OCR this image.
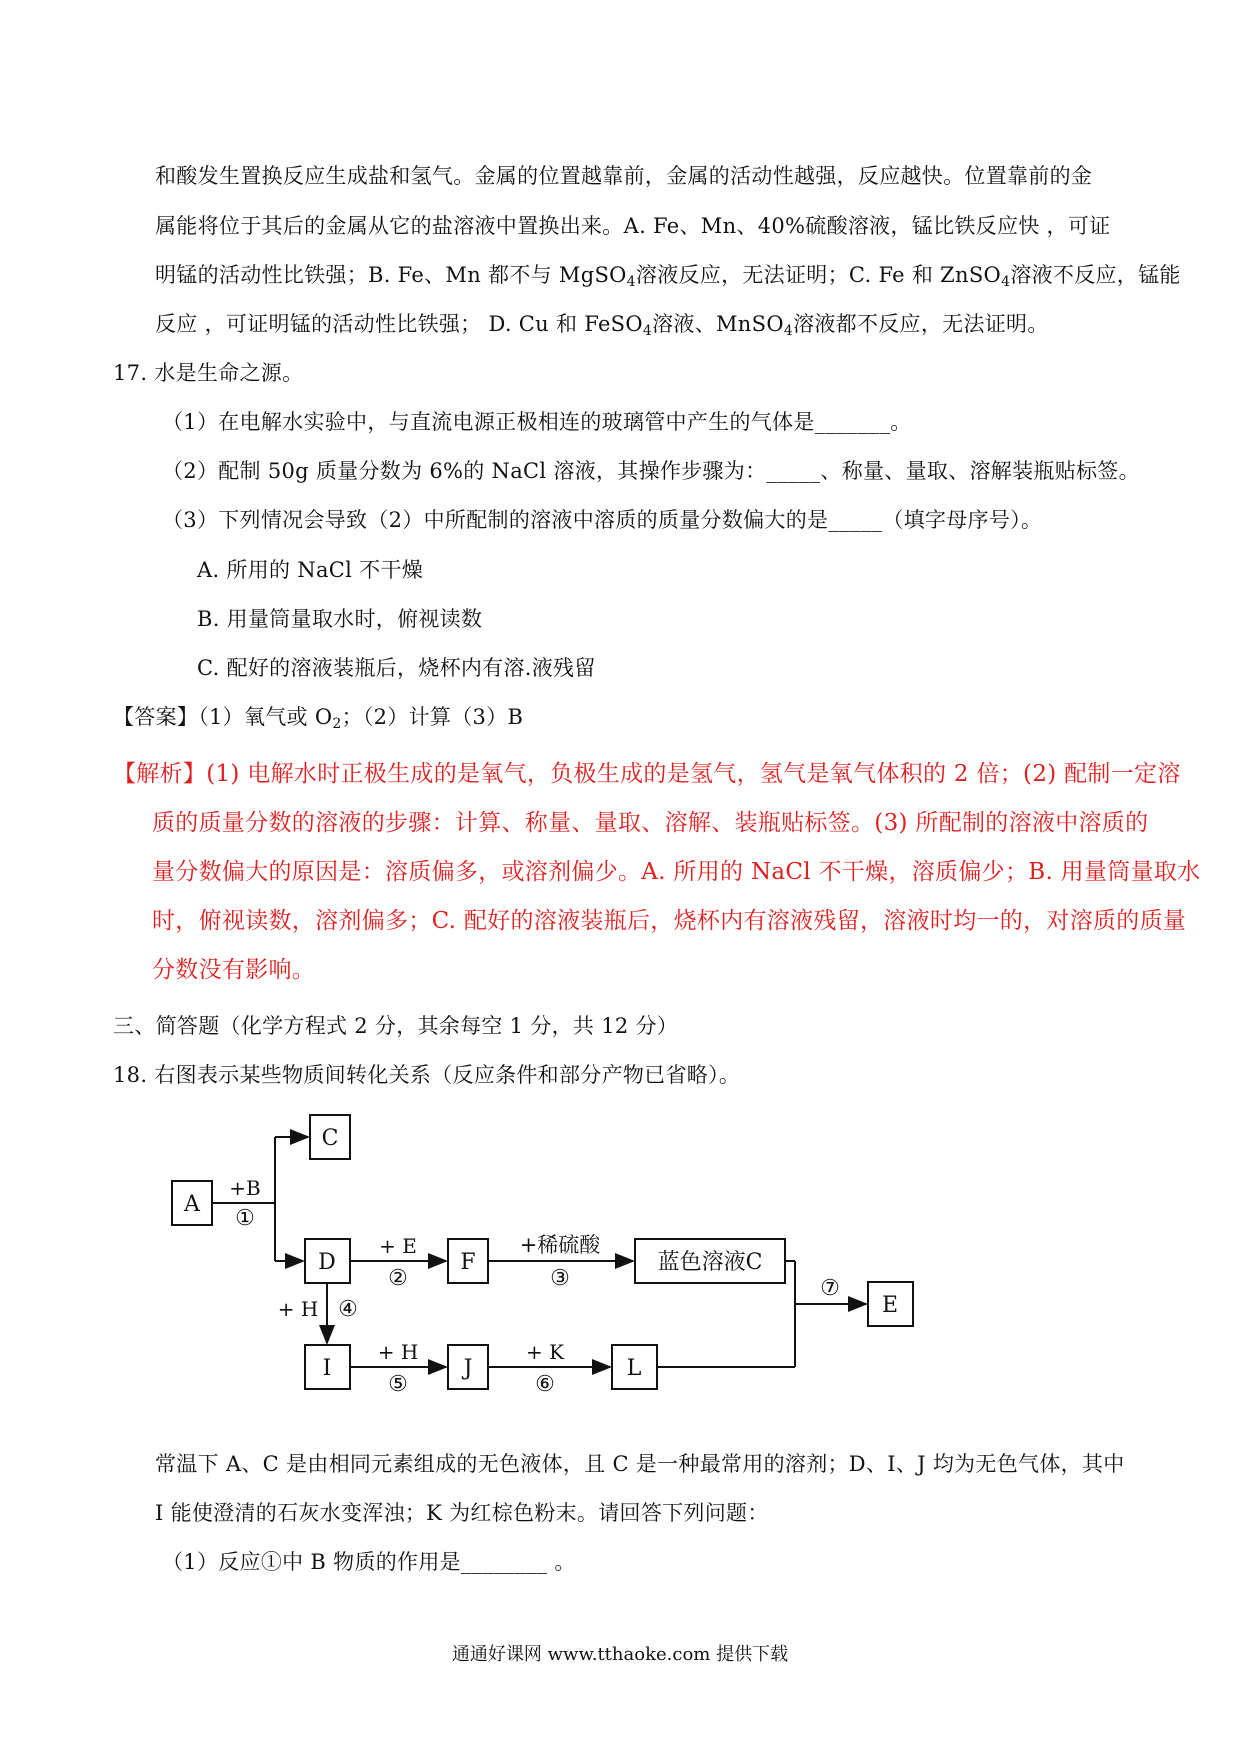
和酸发生置换反应生成盐和氢气。金属的位置越靠前，金属的活动性越强，反应越快。位置靠前的金
属能将位于其后的金属从它的盐溶液中置换出来。A. Fe、Mn、40%硫酸溶液，锰比铁反应快 ，可证
明锰的活动性比铁强；B. Fe、Mn 都不与 MgSO$_4$溶液反应，无法证明；C. Fe 和 ZnSO$_4$溶液不反应，锰能
反应 ，可证明锰的活动性比铁强； D. Cu 和 FeSO$_4$溶液、MnSO$_4$溶液都不反应，无法证明。
17. 水是生命之源。
（1）在电解水实验中，与直流电源正极相连的玻璃管中产生的气体是_______。
（2）配制 50g 质量分数为 6%的 NaCl 溶液，其操作步骤为：_____、称量、量取、溶解装瓶贴标签。
（3）下列情况会导致（2）中所配制的溶液中溶质的质量分数偏大的是_____（填字母序号）。
A. 所用的 NaCl 不干燥
B. 用量筒量取水时，俯视读数
C. 配好的溶液装瓶后，烧杯内有溶.液残留
【答案】（1）氧气或 $O_2$；（2）计算（3）B
【解析】(1) 电解水时正极生成的是氧气，负极生成的是氢气，氢气是氧气体积的 2 倍；(2) 配制一定溶
质的质量分数的溶液的步骤：计算、称量、量取、溶解、装瓶贴标签。(3) 所配制的溶液中溶质的
量分数偏大的原因是：溶质偏多，或溶剂偏少。A. 所用的 NaCl 不干燥，溶质偏少；B. 用量筒量取水
时，俯视读数，溶剂偏多；C. 配好的溶液装瓶后，烧杯内有溶液残留，溶液时均一的，对溶质的质量
分数没有影响。
三、简答题（化学方程式 2 分，其余每空 1 分，共 12 分）
18. 右图表示某些物质间转化关系（反应条件和部分产物已省略）。
A
C
D	F	蓝色溶液C
E
I	J	L
+B
①
+ E
②
+稀硫酸
③
+ H ④
+ H
⑤
+ K
⑥
⑦
常温下 A、C 是由相同元素组成的无色液体，且 C 是一种最常用的溶剂；D、I、J 均为无色气体，其中
I 能使澄清的石灰水变浑浊；K 为红棕色粉末。请回答下列问题：
（1）反应①中 B 物质的作用是________ 。
通通好课网 www.tthaoke.com 提供下载
